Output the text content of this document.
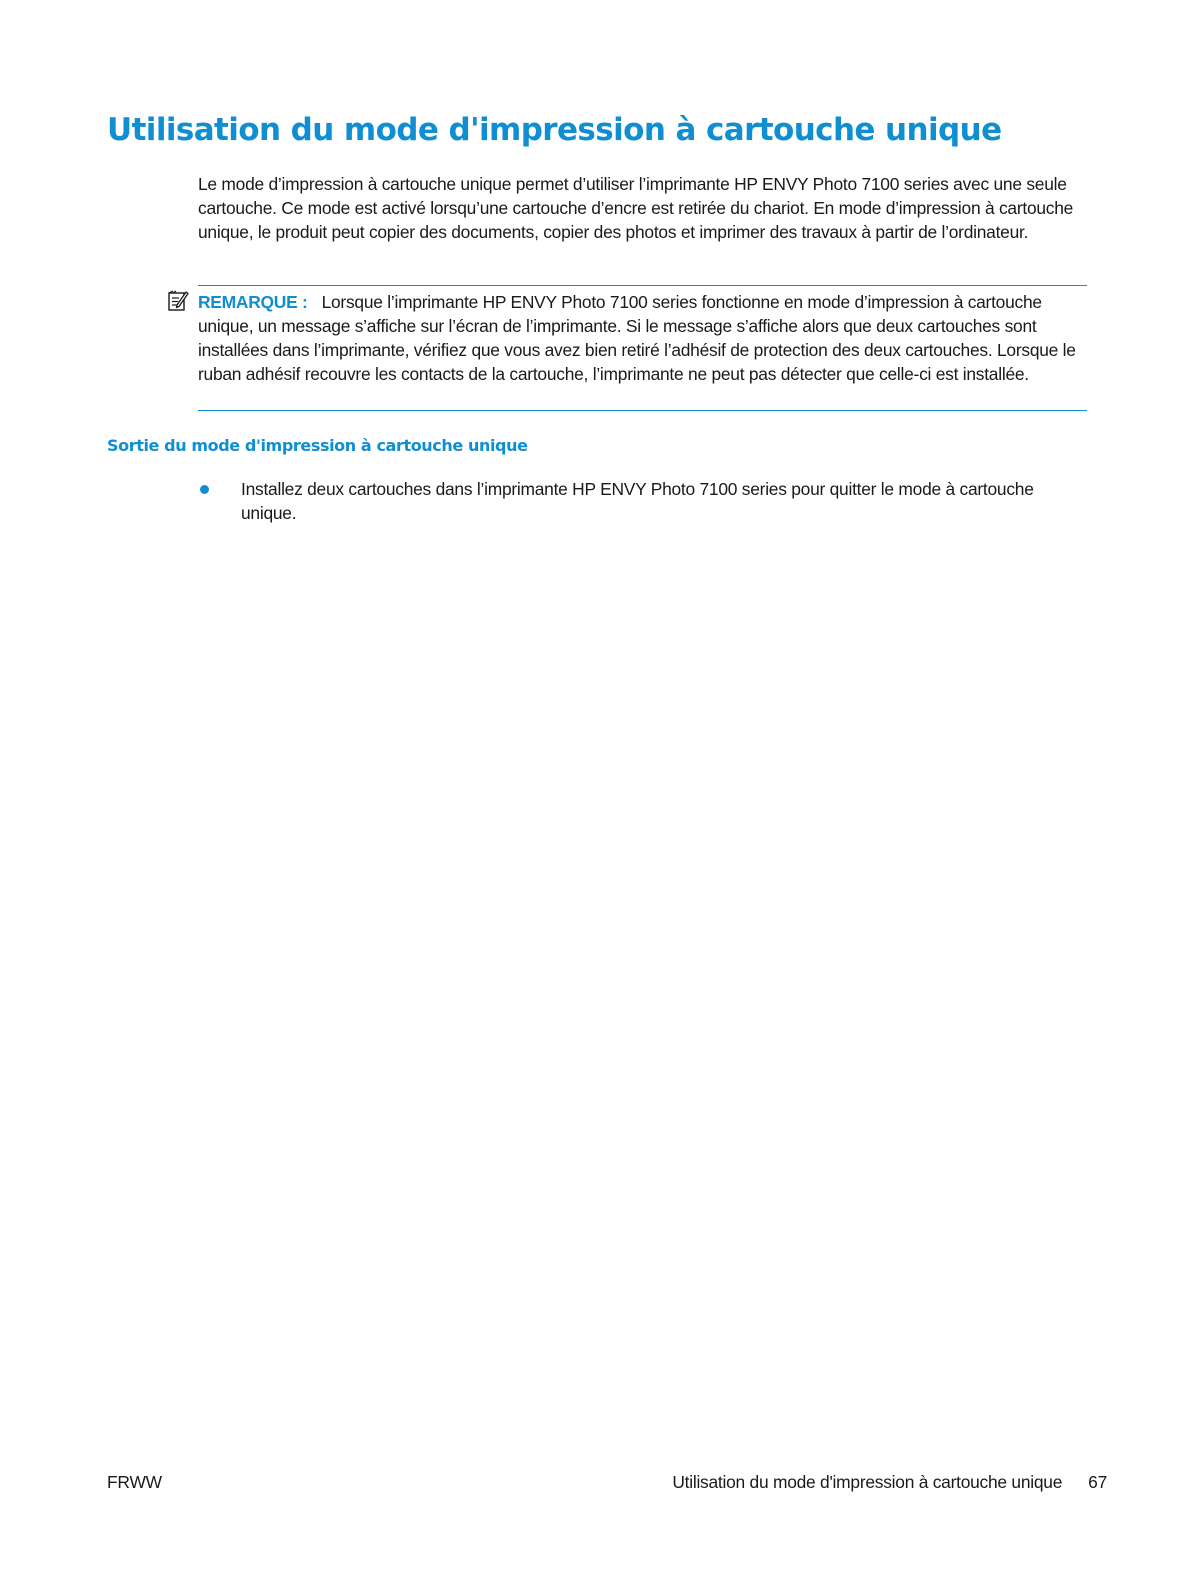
Utilisation du mode d'impression à cartouche unique

Le mode d’impression à cartouche unique permet d’utiliser l’imprimante HP ENVY Photo 7100 series avec une seule cartouche. Ce mode est activé lorsqu’une cartouche d’encre est retirée du chariot. En mode d’impression à cartouche unique, le produit peut copier des documents, copier des photos et imprimer des travaux à partir de l’ordinateur.

REMARQUE : Lorsque l’imprimante HP ENVY Photo 7100 series fonctionne en mode d’impression à cartouche unique, un message s’affiche sur l’écran de l’imprimante. Si le message s’affiche alors que deux cartouches sont installées dans l’imprimante, vérifiez que vous avez bien retiré l’adhésif de protection des deux cartouches. Lorsque le ruban adhésif recouvre les contacts de la cartouche, l’imprimante ne peut pas détecter que celle-ci est installée.

Sortie du mode d'impression à cartouche unique
Installez deux cartouches dans l’imprimante HP ENVY Photo 7100 series pour quitter le mode à cartouche unique.
FRWW	Utilisation du mode d'impression à cartouche unique 67
